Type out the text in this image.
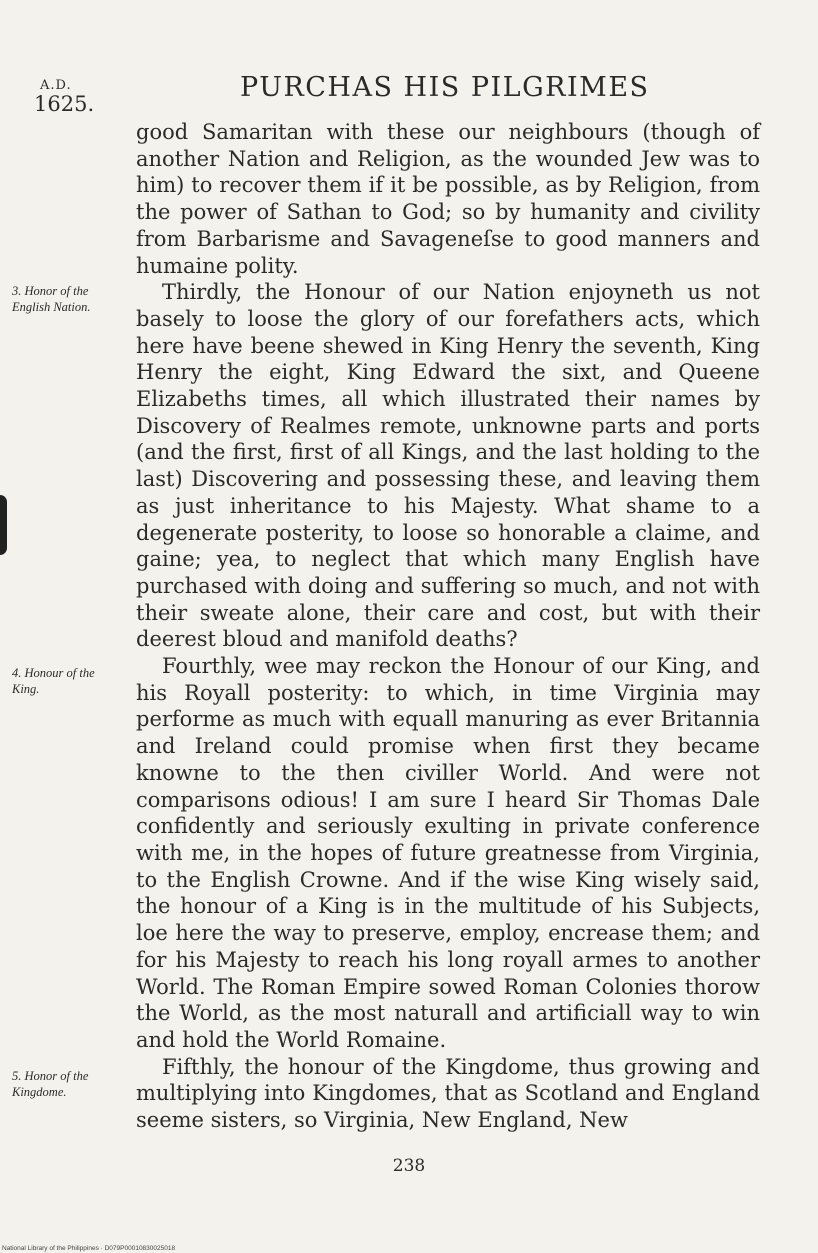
A.D.
1625.
PURCHAS HIS PILGRIMES
3. Honor of the English Nation.
4. Honour of the King.
5. Honor of the Kingdome.

good Samaritan with these our neighbours (though of another Nation and Religion, as the wounded Jew was to him) to recover them if it be possible, as by Religion, from the power of Sathan to God; so by humanity and civility from Barbarisme and Savageneſse to good manners and humaine polity.

Thirdly, the Honour of our Nation enjoyneth us not basely to loose the glory of our forefathers acts, which here have beene shewed in King Henry the seventh, King Henry the eight, King Edward the sixt, and Queene Elizabeths times, all which illustrated their names by Discovery of Realmes remote, unknowne parts and ports (and the first, first of all Kings, and the last holding to the last) Discovering and possessing these, and leaving them as just inheritance to his Majesty. What shame to a degenerate posterity, to loose so honorable a claime, and gaine; yea, to neglect that which many English have purchased with doing and suffering so much, and not with their sweate alone, their care and cost, but with their deerest bloud and manifold deaths?

Fourthly, wee may reckon the Honour of our King, and his Royall posterity: to which, in time Virginia may performe as much with equall manuring as ever Britannia and Ireland could promise when first they became knowne to the then civiller World. And were not comparisons odious! I am sure I heard Sir Thomas Dale confidently and seriously exulting in private conference with me, in the hopes of future greatnesse from Virginia, to the English Crowne. And if the wise King wisely said, the honour of a King is in the multitude of his Subjects, loe here the way to preserve, employ, encrease them; and for his Majesty to reach his long royall armes to another World. The Roman Empire sowed Roman Colonies thorow the World, as the most naturall and artificiall way to win and hold the World Romaine.

Fifthly, the honour of the Kingdome, thus growing and multiplying into Kingdomes, that as Scotland and England seeme sisters, so Virginia, New England, New

238
National Library of the Philippines · D079P00010830025018
